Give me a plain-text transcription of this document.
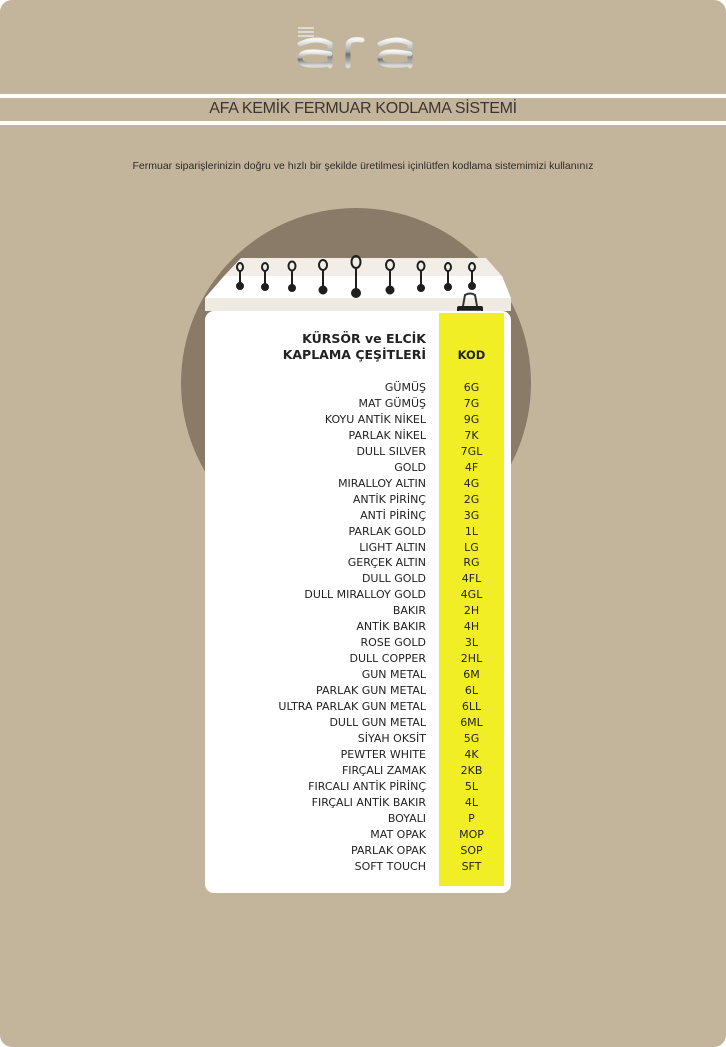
AFA KEMİK FERMUAR KODLAMA SİSTEMİ
Fermuar siparişlerinizin doğru ve hızlı bir şekilde üretilmesi içinlütfen kodlama sistemimizi kullanınız
KÜRSÖR ve ELCİK
KAPLAMA ÇEŞİTLERİ	KOD
GÜMÜŞ	6G
MAT GÜMÜŞ	7G
KOYU ANTİK NİKEL	9G
PARLAK NİKEL	7K
DULL SILVER	7GL
GOLD	4F
MIRALLOY ALTIN	4G
ANTİK PİRİNÇ	2G
ANTİ PİRİNÇ	3G
PARLAK GOLD	1L
LIGHT ALTIN	LG
GERÇEK ALTIN	RG
DULL GOLD	4FL
DULL MIRALLOY GOLD	4GL
BAKIR	2H
ANTİK BAKIR	4H
ROSE GOLD	3L
DULL COPPER	2HL
GUN METAL	6M
PARLAK GUN METAL	6L
ULTRA PARLAK GUN METAL	6LL
DULL GUN METAL	6ML
SİYAH OKSİT	5G
PEWTER WHITE	4K
FIRÇALI ZAMAK	2KB
FIRCALI ANTİK PİRİNÇ	5L
FIRÇALI ANTİK BAKIR	4L
BOYALI	P
MAT OPAK	MOP
PARLAK OPAK	SOP
SOFT TOUCH	SFT
